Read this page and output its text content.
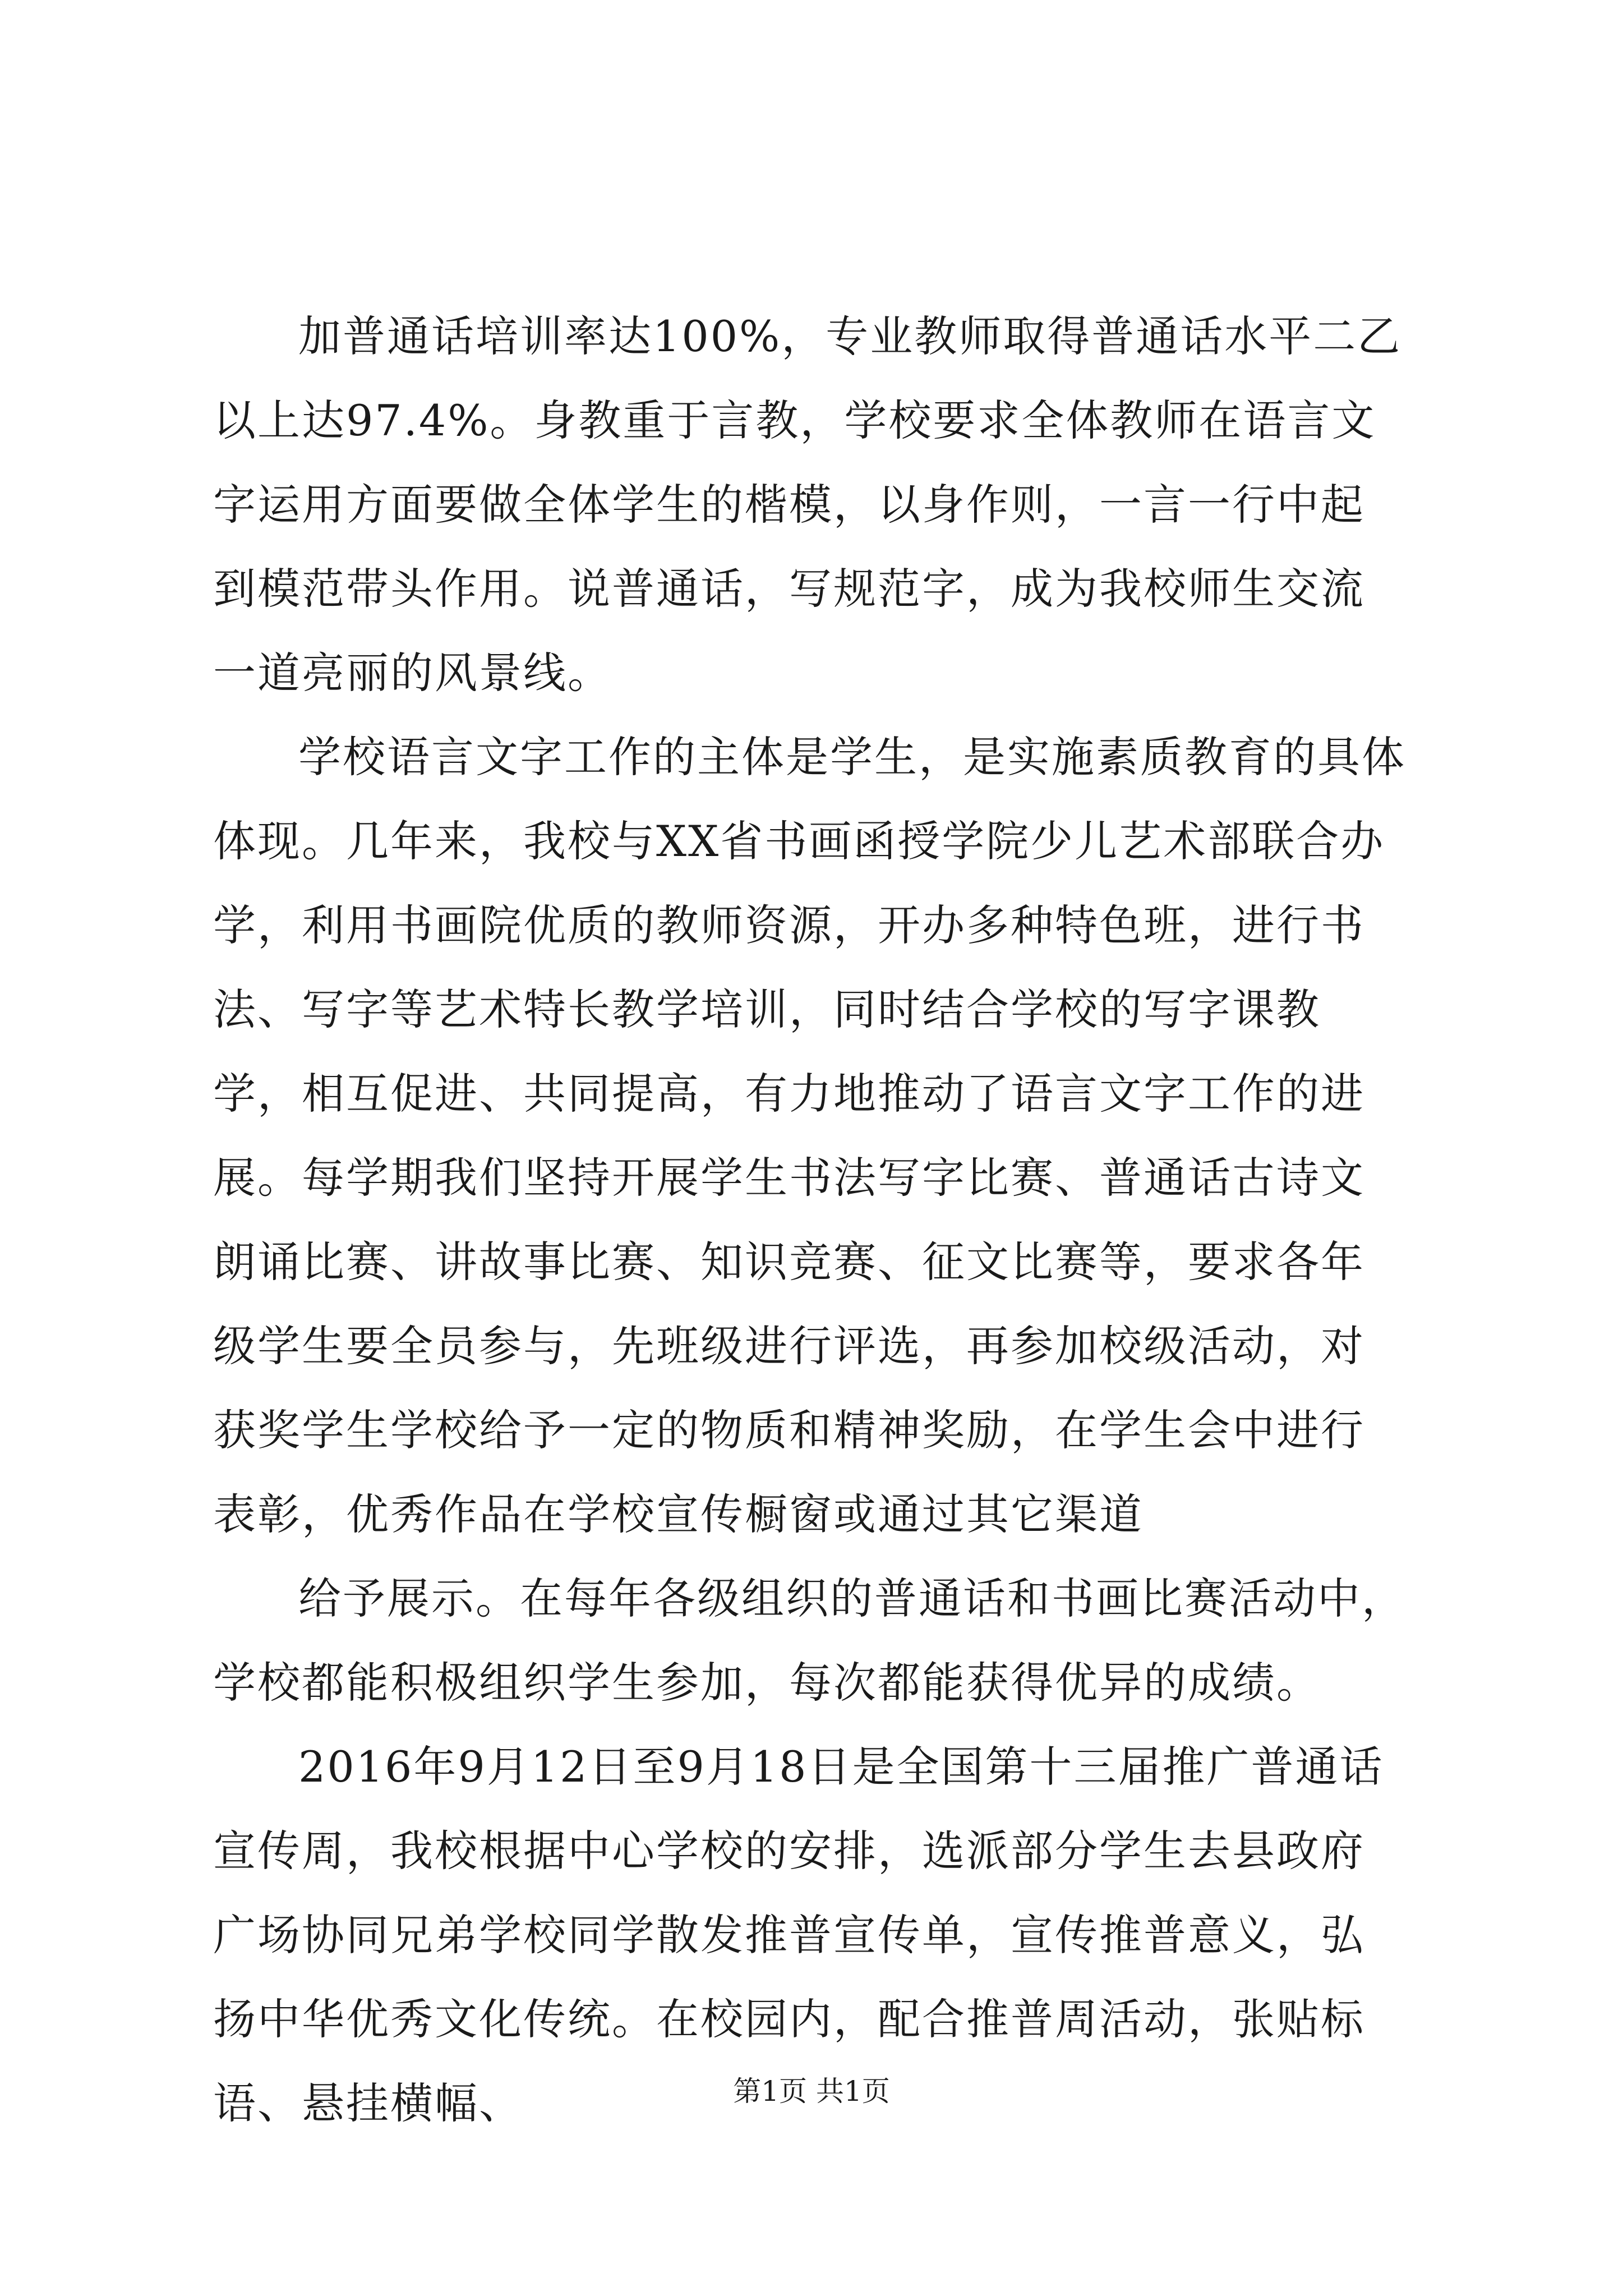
加普通话培训率达100%，专业教师取得普通话水平二乙以上达97.4%。身教重于言教，学校要求全体教师在语言文字运用方面要做全体学生的楷模，以身作则，一言一行中起到模范带头作用。说普通话，写规范字，成为我校师生交流一道亮丽的风景线。

学校语言文字工作的主体是学生，是实施素质教育的具体体现。几年来，我校与XX省书画函授学院少儿艺术部联合办学，利用书画院优质的教师资源，开办多种特色班，进行书法、写字等艺术特长教学培训，同时结合学校的写字课教学，相互促进、共同提高，有力地推动了语言文字工作的进展。每学期我们坚持开展学生书法写字比赛、普通话古诗文朗诵比赛、讲故事比赛、知识竞赛、征文比赛等，要求各年级学生要全员参与，先班级进行评选，再参加校级活动，对获奖学生学校给予一定的物质和精神奖励，在学生会中进行表彰，优秀作品在学校宣传橱窗或通过其它渠道

给予展示。在每年各级组织的普通话和书画比赛活动中，学校都能积极组织学生参加，每次都能获得优异的成绩。

2016年9月12日至9月18日是全国第十三届推广普通话宣传周，我校根据中心学校的安排，选派部分学生去县政府广场协同兄弟学校同学散发推普宣传单，宣传推普意义，弘扬中华优秀文化传统。在校园内，配合推普周活动，张贴标语、悬挂横幅、	第1页 共1页
